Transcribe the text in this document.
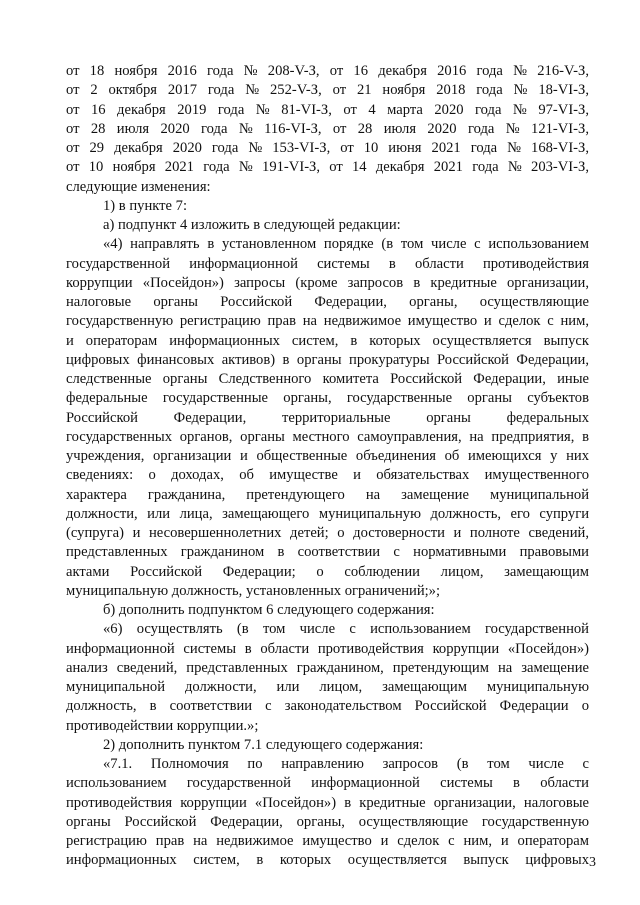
от 18 ноября 2016 года № 208-V-З, от 16 декабря 2016 года № 216-V-З,
от 2 октября 2017 года № 252-V-З, от 21 ноября 2018 года № 18-VI-З,
от 16 декабря 2019 года № 81-VI-З, от 4 марта 2020 года № 97-VI-З,
от 28 июля 2020 года № 116-VI-З, от 28 июля 2020 года № 121-VI-З,
от 29 декабря 2020 года № 153-VI-З, от 10 июня 2021 года № 168-VI-З,
от 10 ноября 2021 года № 191-VI-З, от 14 декабря 2021 года № 203-VI-З,
следующие изменения:
1) в пункте 7:
а) подпункт 4 изложить в следующей редакции:
«4) направлять в установленном порядке (в том числе с использованием
государственной информационной системы в области противодействия
коррупции «Посейдон») запросы (кроме запросов в кредитные организации,
налоговые органы Российской Федерации, органы, осуществляющие
государственную регистрацию прав на недвижимое имущество и сделок с ним,
и операторам информационных систем, в которых осуществляется выпуск
цифровых финансовых активов) в органы прокуратуры Российской Федерации,
следственные органы Следственного комитета Российской Федерации, иные
федеральные государственные органы, государственные органы субъектов
Российской Федерации, территориальные органы федеральных
государственных органов, органы местного самоуправления, на предприятия, в
учреждения, организации и общественные объединения об имеющихся у них
сведениях: о доходах, об имуществе и обязательствах имущественного
характера гражданина, претендующего на замещение муниципальной
должности, или лица, замещающего муниципальную должность, его супруги
(супруга) и несовершеннолетних детей; о достоверности и полноте сведений,
представленных гражданином в соответствии с нормативными правовыми
актами Российской Федерации; о соблюдении лицом, замещающим
муниципальную должность, установленных ограничений;»;
б) дополнить подпунктом 6 следующего содержания:
«6) осуществлять (в том числе с использованием государственной
информационной системы в области противодействия коррупции «Посейдон»)
анализ сведений, представленных гражданином, претендующим на замещение
муниципальной должности, или лицом, замещающим муниципальную
должность, в соответствии с законодательством Российской Федерации о
противодействии коррупции.»;
2) дополнить пунктом 7.1 следующего содержания:
«7.1. Полномочия по направлению запросов (в том числе с
использованием государственной информационной системы в области
противодействия коррупции «Посейдон») в кредитные организации, налоговые
органы Российской Федерации, органы, осуществляющие государственную
регистрацию прав на недвижимое имущество и сделок с ним, и операторам
информационных систем, в которых осуществляется выпуск цифровых 3
